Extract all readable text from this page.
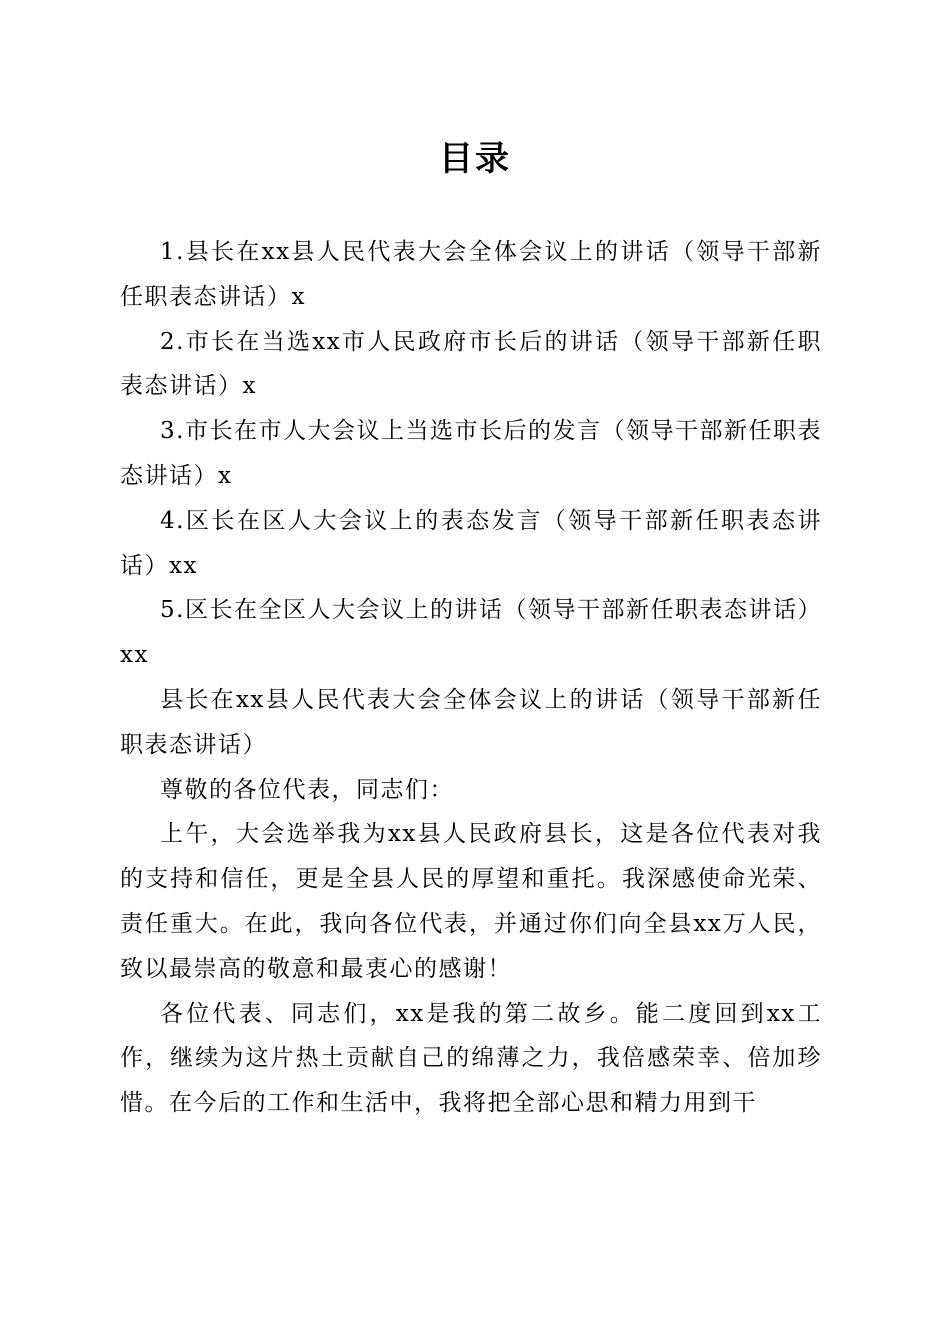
目录

1.县长在xx县人民代表大会全体会议上的讲话（领导干部新任职表态讲话）x

2.市长在当选xx市人民政府市长后的讲话（领导干部新任职表态讲话）x

3.市长在市人大会议上当选市长后的发言（领导干部新任职表态讲话）x

4.区长在区人大会议上的表态发言（领导干部新任职表态讲话）xx

5.区长在全区人大会议上的讲话（领导干部新任职表态讲话）xx

县长在xx县人民代表大会全体会议上的讲话（领导干部新任职表态讲话）

尊敬的各位代表，同志们：

上午，大会选举我为xx县人民政府县长，这是各位代表对我的支持和信任，更是全县人民的厚望和重托。我深感使命光荣、责任重大。在此，我向各位代表，并通过你们向全县xx万人民，致以最崇高的敬意和最衷心的感谢！

各位代表、同志们，xx是我的第二故乡。能二度回到xx工作，继续为这片热土贡献自己的绵薄之力，我倍感荣幸、倍加珍惜。在今后的工作和生活中，我将把全部心思和精力用到干
